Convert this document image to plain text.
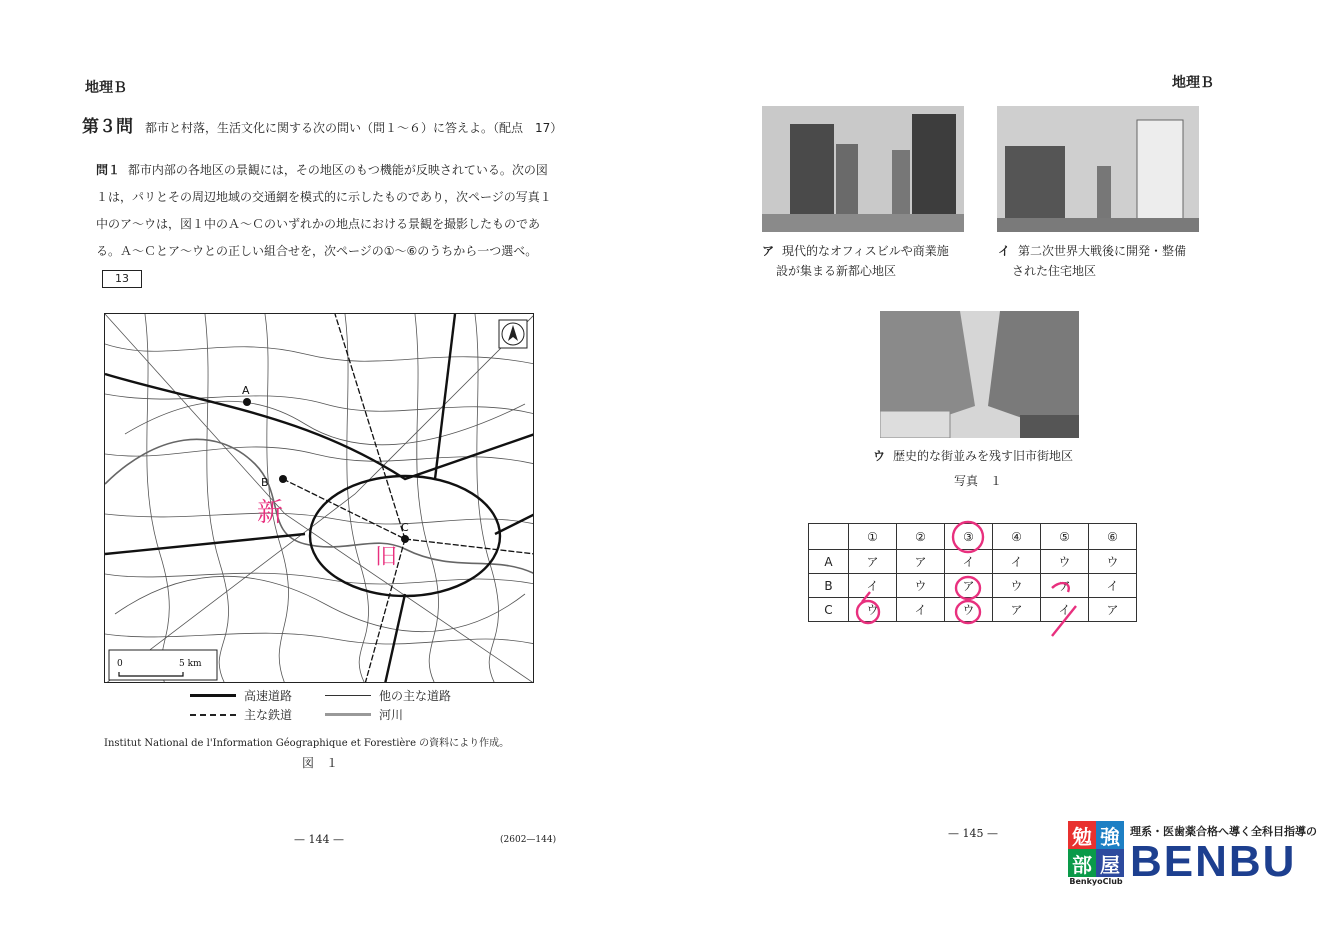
地理Ｂ
第３問 都市と村落，生活文化に関する次の問い（問１～６）に答えよ。（配点　17）
問１ 都市内部の各地区の景観には，その地区のもつ機能が反映されている。次の図１は，パリとその周辺地域の交通網を模式的に示したものであり，次ページの写真１中のア～ウは，図１中のＡ～Ｃのいずれかの地点における景観を撮影したものである。Ａ～Ｃとア～ウとの正しい組合せを，次ページの①～⑥のうちから一つ選べ。 13
A
B
C
新
旧
0	5 km
高速道路	他の主な道路
主な鉄道	河川
Institut National de l'Information Géographique et Forestière の資料により作成。
図　１
— 144 —	(2602—144)
地理Ｂ
ア 現代的なオフィスビルや商業施
設が集まる新都心地区
イ 第二次世界大戦後に開発・整備
された住宅地区
ウ 歴史的な街並みを残す旧市街地区
写真　１
	①	②	③	④	⑤	⑥
A	ア	ア	イ	イ	ウ	ウ
B	イ	ウ	ア	ウ	ア	イ
C	ウ	イ	ウ	ア	イ	ア
— 145 —	勉 強
部 屋
BenkyoClub
理系・医歯薬合格へ導く全科目指導の
BENBU
